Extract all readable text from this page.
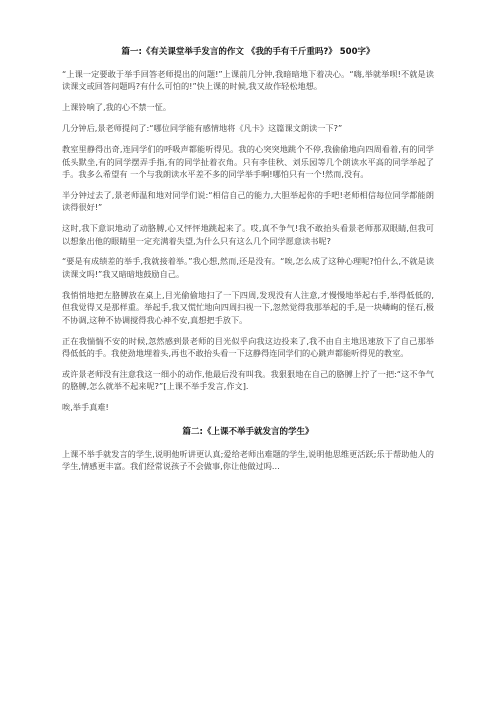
篇一:《有关课堂举手发言的作文 《我的手有千斤重吗?》 500字》

“上课一定要敢于举手回答老师提出的问题!”上课前几分钟,我暗暗地下着决心。“嗨,举就举呗!不就是读读课文或回答问题吗?有什么可怕的!”快上课的时候,我又故作轻松地想。

上课铃响了,我的心不禁一怔。

几分钟后,景老师提问了:“哪位同学能有感情地将《凡卡》这篇课文朗读一下?”

教室里静得出奇,连同学们的呼吸声都能听得见。我的心突突地跳个不停,我偷偷地向四周看着,有的同学低头默坐,有的同学摆弄手指,有的同学扯着衣角。只有李佳秋、刘乐园等几个朗读水平高的同学举起了手。我多么希望有 一个与我朗读水平差不多的同学举手啊!哪怕只有一个!然而,没有。

半分钟过去了,景老师温和地对同学们说:“相信自己的能力,大胆举起你的手吧!老师相信每位同学都能朗读得很好!”

这时,我下意识地动了动胳膊,心又怦怦地跳起来了。哎,真不争气!我不敢抬头看景老师那双眼睛,但我可以想象出他的眼睛里一定充满着失望,为什么只有这么几个同学愿意读书呢?

“要是有成绩差的举手,我就接着举。”我心想,然而,还是没有。“唉,怎么成了这种心理呢?怕什么,不就是读读课文吗!”我又暗暗地鼓励自己。

我悄悄地把左胳膊放在桌上,目光偷偷地扫了一下四周,发现没有人注意,才慢慢地举起右手,举得低低的,但我觉得又是那样重。举起手,我又慌忙地向四周扫视一下,忽然觉得我那举起的手,是一块嶙峋的怪石,极不协调,这种不协调搅得我心神不安,真想把手放下。

正在我惴惴不安的时候,忽然感到景老师的目光似乎向我这边投来了,我不由自主地迅速放下了自己那举得低低的手。我使劲地埋着头,再也不敢抬头看一下这静得连同学们的心跳声都能听得见的教室。

或许景老师没有注意我这一细小的动作,他最后没有叫我。我狠狠地在自己的胳膊上拧了一把:“这不争气的胳膊,怎么就举不起来呢?”[上课不举手发言,作文].

唉,举手真难!

篇二:《上课不举手就发言的学生》

上课不举手就发言的学生,说明他听讲更认真;爱给老师出难题的学生,说明他思维更活跃;乐于帮助他人的学生,情感更丰富。我们经常说孩子不会做事,你让他做过吗...
